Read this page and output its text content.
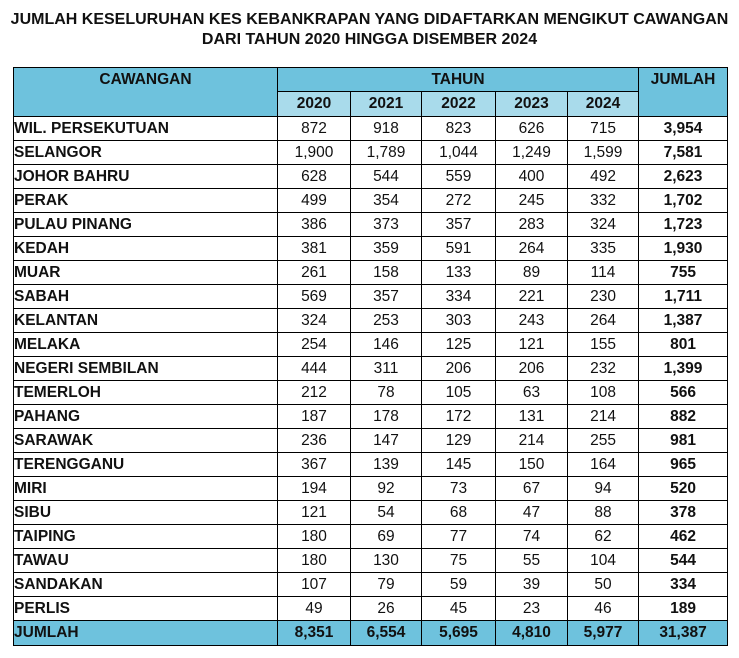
JUMLAH KESELURUHAN KES KEBANKRAPAN YANG DIDAFTARKAN MENGIKUT CAWANGAN
DARI TAHUN 2020 HINGGA DISEMBER 2024
CAWANGAN	TAHUN					JUMLAH
	2020	2021	2022	2023	2024	
WIL. PERSEKUTUAN	872	918	823	626	715	3,954
SELANGOR	1,900	1,789	1,044	1,249	1,599	7,581
JOHOR BAHRU	628	544	559	400	492	2,623
PERAK	499	354	272	245	332	1,702
PULAU PINANG	386	373	357	283	324	1,723
KEDAH	381	359	591	264	335	1,930
MUAR	261	158	133	89	114	755
SABAH	569	357	334	221	230	1,711
KELANTAN	324	253	303	243	264	1,387
MELAKA	254	146	125	121	155	801
NEGERI SEMBILAN	444	311	206	206	232	1,399
TEMERLOH	212	78	105	63	108	566
PAHANG	187	178	172	131	214	882
SARAWAK	236	147	129	214	255	981
TERENGGANU	367	139	145	150	164	965
MIRI	194	92	73	67	94	520
SIBU	121	54	68	47	88	378
TAIPING	180	69	77	74	62	462
TAWAU	180	130	75	55	104	544
SANDAKAN	107	79	59	39	50	334
PERLIS	49	26	45	23	46	189
JUMLAH	8,351	6,554	5,695	4,810	5,977	31,387
